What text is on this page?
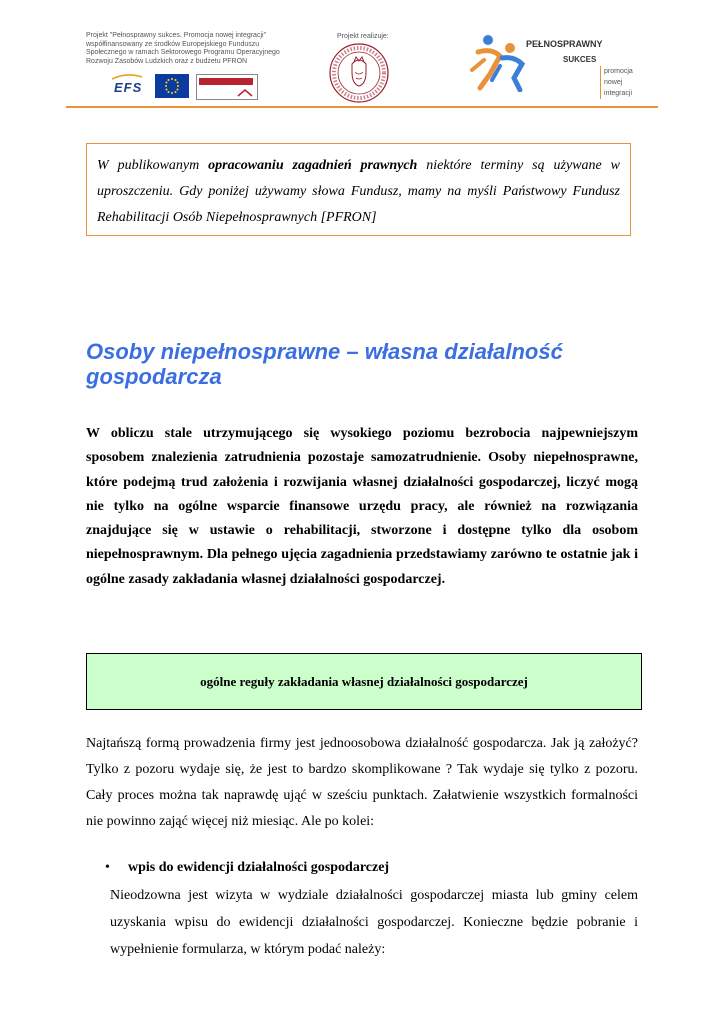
Projekt "Pełnosprawny sukces. Promocja nowej integracji"

współfinansowany ze środków Europejskiego Funduszu

Społecznego w ramach Sektorowego Programu Operacyjnego

Rozwoju Zasobów Ludzkich oraz z budżetu PFRON

EFS
Projekt realizuje:
PEŁNOSPRAWNY
SUKCES
promocja
nowej
integracji

W publikowanym opracowaniu zagadnień prawnych niektóre terminy są używane w uproszczeniu. Gdy poniżej używamy słowa Fundusz, mamy na myśli Państwowy Fundusz Rehabilitacji Osób Niepełnosprawnych [PFRON]

Osoby niepełnosprawne – własna działalność gospodarcza

W obliczu stale utrzymującego się wysokiego poziomu bezrobocia najpewniejszym sposobem znalezienia zatrudnienia pozostaje samozatrudnienie. Osoby niepełnosprawne, które podejmą trud założenia i rozwijania własnej działalności gospodarczej, liczyć mogą nie tylko na ogólne wsparcie finansowe urzędu pracy, ale również na rozwiązania znajdujące się w ustawie o rehabilitacji, stworzone i dostępne tylko dla osobom niepełnosprawnym. Dla pełnego ujęcia zagadnienia przedstawiamy zarówno te ostatnie jak i ogólne zasady zakładania własnej działalności gospodarczej.

ogólne reguły zakładania własnej działalności gospodarczej

Najtańszą formą prowadzenia firmy jest jednoosobowa działalność gospodarcza. Jak ją założyć? Tylko z pozoru wydaje się, że jest to bardzo skomplikowane ? Tak wydaje się tylko z pozoru. Cały proces można tak naprawdę ująć w sześciu punktach. Załatwienie wszystkich formalności nie powinno zająć więcej niż miesiąc. Ale po kolei:

• wpis do ewidencji działalności gospodarczej

Nieodzowna jest wizyta w wydziale działalności gospodarczej miasta lub gminy celem uzyskania wpisu do ewidencji działalności gospodarczej. Konieczne będzie pobranie i wypełnienie formularza, w którym podać należy:
